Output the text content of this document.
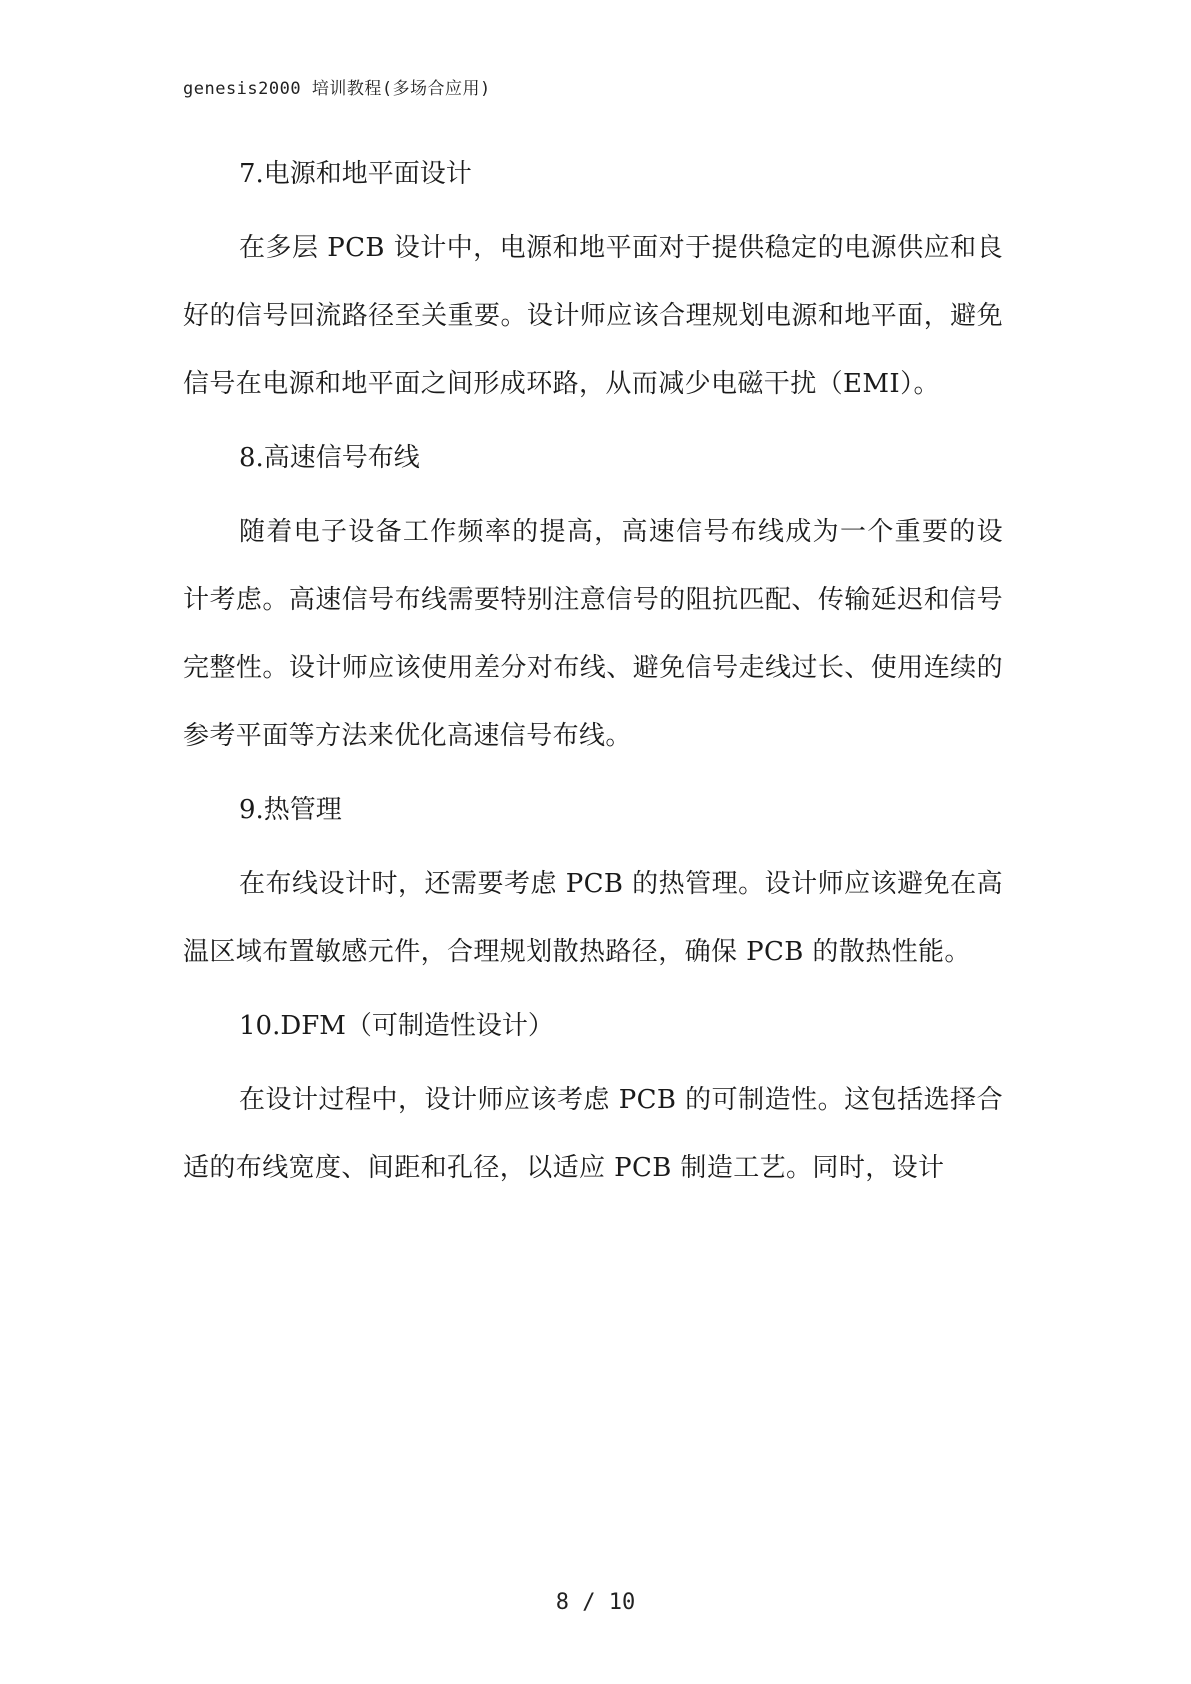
genesis2000 培训教程(多场合应用)
7.电源和地平面设计
在多层 PCB 设计中，电源和地平面对于提供稳定的电源供应和良好的信号回流路径至关重要。设计师应该合理规划电源和地平面，避免信号在电源和地平面之间形成环路，从而减少电磁干扰（EMI）。
8.高速信号布线
随着电子设备工作频率的提高，高速信号布线成为一个重要的设计考虑。高速信号布线需要特别注意信号的阻抗匹配、传输延迟和信号完整性。设计师应该使用差分对布线、避免信号走线过长、使用连续的参考平面等方法来优化高速信号布线。
9.热管理
在布线设计时，还需要考虑 PCB 的热管理。设计师应该避免在高温区域布置敏感元件，合理规划散热路径，确保 PCB 的散热性能。
10.DFM（可制造性设计）
在设计过程中，设计师应该考虑 PCB 的可制造性。这包括选择合适的布线宽度、间距和孔径，以适应 PCB 制造工艺。同时，设计
8 / 10
